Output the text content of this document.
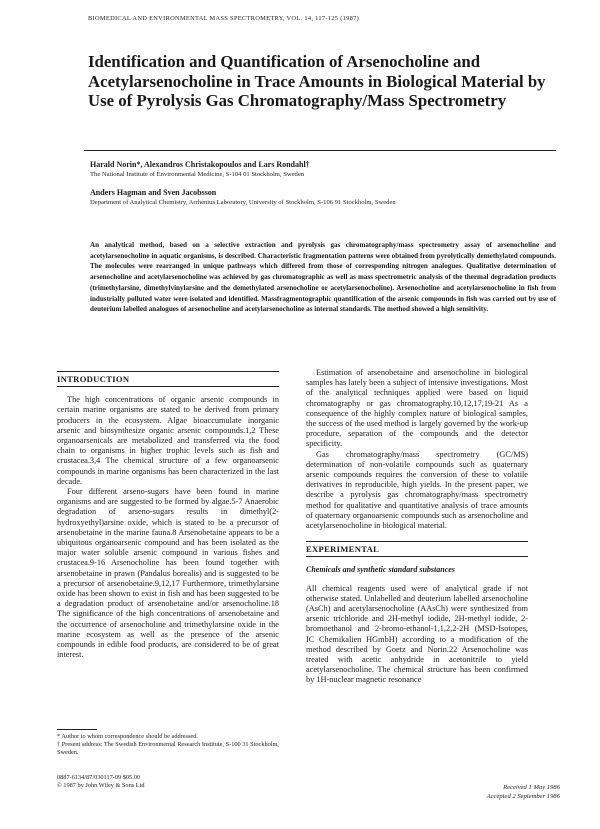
BIOMEDICAL AND ENVIRONMENTAL MASS SPECTROMETRY, VOL. 14, 117-125 (1987)
Identification and Quantification of Arsenocholine and Acetylarsenocholine in Trace Amounts in Biological Material by Use of Pyrolysis Gas Chromatography/Mass Spectrometry
Harald Norin*, Alexandros Christakopoulos and Lars Rondahl†
The National Institute of Environmental Medicine, S-104 01 Stockholm, Sweden
Anders Hagman and Sven Jacobsson
Department of Analytical Chemistry, Arrhenius Laboratory, University of Stockholm, S-106 91 Stockholm, Sweden

An analytical method, based on a selective extraction and pyrolysis gas chromatography/mass spectrometry assay of arsenocholine and acetylarsenocholine in aquatic organisms, is described. Characteristic fragmentation patterns were obtained from pyrolytically demethylated compounds. The molecules were rearranged in unique pathways which differed from those of corresponding nitrogen analogues. Qualitative determination of arsenocholine and acetylarsenocholine was achieved by gas chromatographic as well as mass spectrometric analysis of the thermal degradation products (trimethylarsine, dimethylvinylarsine and the demethylated arsenocholine or acetylarsenocholine). Arsenocholine and acetylarsenocholine in fish from industrially polluted water were isolated and identified. Massfragmentographic quantification of the arsenic compounds in fish was carried out by use of deuterium labelled analogues of arsenocholine and acetylarsenocholine as internal standards. The method showed a high sensitivity.

INTRODUCTION

The high concentrations of organic arsenic compounds in certain marine organisms are stated to be derived from primary producers in the ecosystem. Algae bioaccumulate inorganic arsenic and biosynthesize organic arsenic compounds.1,2 These organoarsenicals are metabolized and transferred via the food chain to organisms in higher trophic levels such as fish and crustacea.3,4 The chemical structure of a few organoarsenic compounds in marine organisms has been characterized in the last decade.

Four different arseno-sugars have been found in marine organisms and are suggested to be formed by algae.5-7 Anaerobic degradation of arseno-sugars results in dimethyl(2-hydroxyethyl)arsine oxide, which is stated to be a precursor of arsenobetaine in the marine fauna.8 Arsenobetaine appears to be a ubiquitous organoarsenic compound and has been isolated as the major water soluble arsenic compound in various fishes and crustacea.9-16 Arsenocholine has been found together with arsenobetaine in prawn (Pandalus borealis) and is suggested to be a precursor of arsenobetaine.9,12,17 Furthermore, trimethylarsine oxide has been shown to exist in fish and has been suggested to be a degradation product of arsenobetaine and/or arsenocholine.18 The significance of the high concentrations of arsenobetaine and the occurrence of arsenocholine and trimethylarsine oxide in the marine ecosystem as well as the presence of the arsenic compounds in edible food products, are considered to be of great interest.

Estimation of arsenobetaine and arsenocholine in biological samples has lately been a subject of intensive investigations. Most of the analytical techniques applied were based on liquid chromatography or gas chromatography.10,12,17,19-21 As a consequence of the highly complex nature of biological samples, the success of the used method is largely governed by the work-up procedure, separation of the compounds and the detector specificity.

Gas chromatography/mass spectrometry (GC/MS) determination of non-volatile compounds such as quaternary arsenic compounds requires the conversion of these to volatile derivatives in reproducible, high yields. In the present paper, we describe a pyrolysis gas chromatography/mass spectrometry method for qualitative and quantitative analysis of trace amounts of quaternary organoarsenic compounds such as arsenocholine and acetylarsenocholine in biological material.

EXPERIMENTAL
Chemicals and synthetic standard substances

All chemical reagents used were of analytical grade if not otherwise stated. Unlabelled and deuterium labelled arsenocholine (AsCh) and acetylarsenocholine (AAsCh) were synthesized from arsenic trichloride and 2H-methyl iodide, 2H-methyl iodide, 2-bromoethanol and 2-bromo-ethanol-1,1,2,2-2H (MSD-Isotopes, IC Chemikalien HGmbH) according to a modification of the method described by Goetz and Norin.22 Arsenocholine was treated with acetic anhydride in acetonitrile to yield acetylarsenocholine. The chemical structure has been confirmed by 1H-nuclear magnetic resonance

* Author to whom correspondence should be addressed.
† Present address: The Swedish Environmental Research Institute, S-100 31 Stockholm, Sweden.
0887-6134/87/030117-09 $05.00
© 1987 by John Wiley & Sons Ltd	Received 1 May 1986
Accepted 2 September 1986
